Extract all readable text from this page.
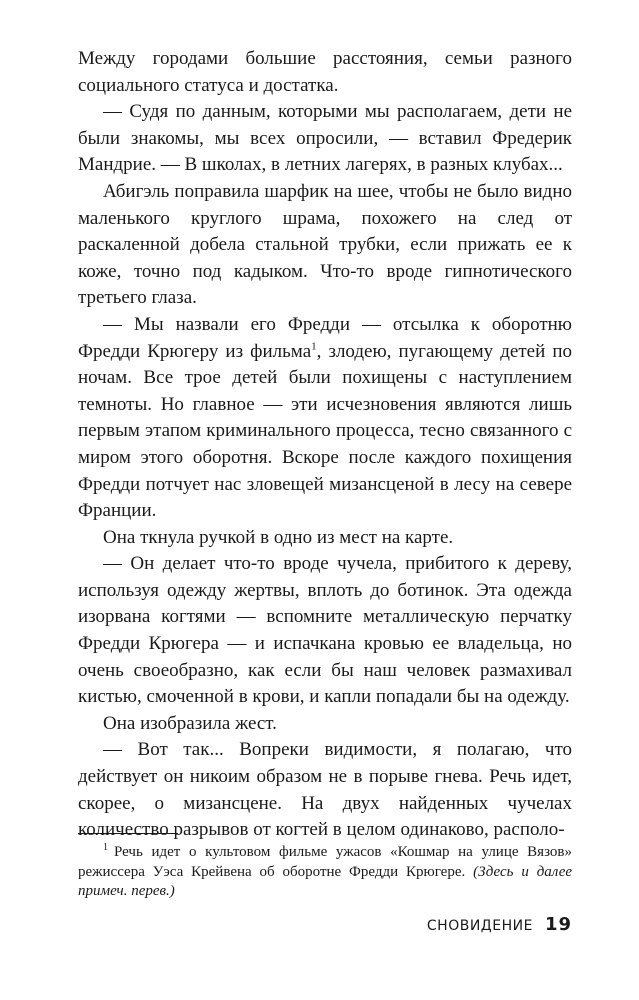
Между городами большие расстояния, семьи разного социального статуса и достатка.

— Судя по данным, которыми мы располагаем, дети не были знакомы, мы всех опросили, — вставил Фредерик Мандрие. — В школах, в летних лагерях, в разных клубах...

Абигэль поправила шарфик на шее, чтобы не было видно маленького круглого шрама, похожего на след от раскаленной добела стальной трубки, если прижать ее к коже, точно под кадыком. Что-то вроде гипнотического третьего глаза.

— Мы назвали его Фредди — отсылка к оборотню Фредди Крюгеру из фильма$^1$, злодею, пугающему детей по ночам. Все трое детей были похищены с наступлением темноты. Но главное — эти исчезновения являются лишь первым этапом криминального процесса, тесно связанного с миром этого оборотня. Вскоре после каждого похищения Фредди потчует нас зловещей мизансценой в лесу на севере Франции.

Она ткнула ручкой в одно из мест на карте.

— Он делает что-то вроде чучела, прибитого к дереву, используя одежду жертвы, вплоть до ботинок. Эта одежда изорвана когтями — вспомните металлическую перчатку Фредди Крюгера — и испачкана кровью ее владельца, но очень своеобразно, как если бы наш человек размахивал кистью, смоченной в крови, и капли попадали бы на одежду.

Она изобразила жест.

— Вот так... Вопреки видимости, я полагаю, что действует он никоим образом не в порыве гнева. Речь идет, скорее, о мизансцене. На двух найденных чучелах количество разрывов от когтей в целом одинаково, располо-

$^1$ Речь идет о культовом фильме ужасов «Кошмар на улице Вязов» режиссера Уэса Крейвена об оборотне Фредди Крюгере. (Здесь и далее примеч. перев.)

СНОВИДЕНИЕ 19
